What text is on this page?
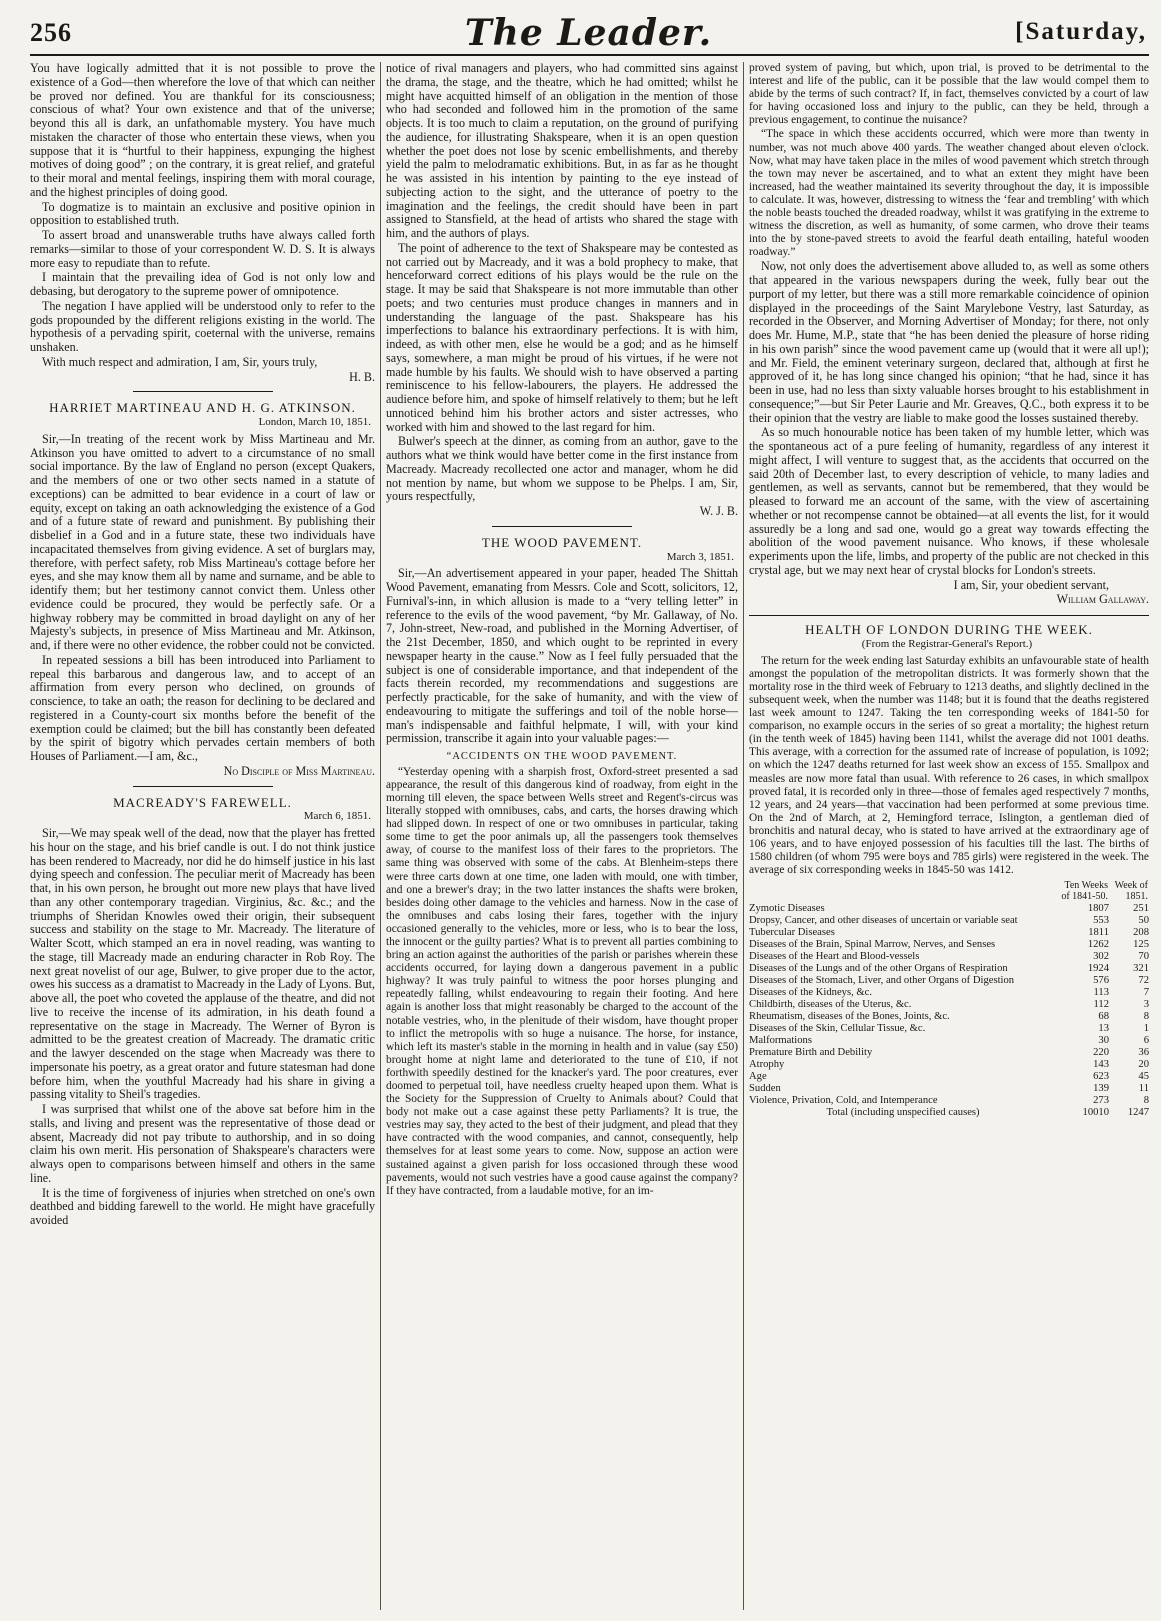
256	The Leader.	[Saturday,

You have logically admitted that it is not possible to prove the existence of a God—then wherefore the love of that which can neither be proved nor defined. You are thankful for its consciousness; conscious of what? Your own existence and that of the universe; beyond this all is dark, an unfathomable mystery. You have much mistaken the character of those who entertain these views, when you suppose that it is “hurtful to their happiness, expunging the highest motives of doing good” ; on the contrary, it is great relief, and grateful to their moral and mental feelings, inspiring them with moral courage, and the highest principles of doing good.

To dogmatize is to maintain an exclusive and positive opinion in opposition to established truth.

To assert broad and unanswerable truths have always called forth remarks—similar to those of your correspondent W. D. S. It is always more easy to repudiate than to refute.

I maintain that the prevailing idea of God is not only low and debasing, but derogatory to the supreme power of omnipotence.

The negation I have applied will be understood only to refer to the gods propounded by the different religions existing in the world. The hypothesis of a pervading spirit, coeternal with the universe, remains unshaken.

With much respect and admiration, I am, Sir, yours truly,

H. B.

HARRIET MARTINEAU AND H. G. ATKINSON.
London, March 10, 1851.

Sir,—In treating of the recent work by Miss Martineau and Mr. Atkinson you have omitted to advert to a circumstance of no small social importance. By the law of England no person (except Quakers, and the members of one or two other sects named in a statute of exceptions) can be admitted to bear evidence in a court of law or equity, except on taking an oath acknowledging the existence of a God and of a future state of reward and punishment. By publishing their disbelief in a God and in a future state, these two individuals have incapacitated themselves from giving evidence. A set of burglars may, therefore, with perfect safety, rob Miss Martineau's cottage before her eyes, and she may know them all by name and surname, and be able to identify them; but her testimony cannot convict them. Unless other evidence could be procured, they would be perfectly safe. Or a highway robbery may be committed in broad daylight on any of her Majesty's subjects, in presence of Miss Martineau and Mr. Atkinson, and, if there were no other evidence, the robber could not be convicted.

In repeated sessions a bill has been introduced into Parliament to repeal this barbarous and dangerous law, and to accept of an affirmation from every person who declined, on grounds of conscience, to take an oath; the reason for declining to be declared and registered in a County-court six months before the benefit of the exemption could be claimed; but the bill has constantly been defeated by the spirit of bigotry which pervades certain members of both Houses of Parliament.—I am, &c.,

No Disciple of Miss Martineau.

MACREADY'S FAREWELL.
March 6, 1851.

Sir,—We may speak well of the dead, now that the player has fretted his hour on the stage, and his brief candle is out. I do not think justice has been rendered to Macready, nor did he do himself justice in his last dying speech and confession. The peculiar merit of Macready has been that, in his own person, he brought out more new plays that have lived than any other contemporary tragedian. Virginius, &c. &c.; and the triumphs of Sheridan Knowles owed their origin, their subsequent success and stability on the stage to Mr. Macready. The literature of Walter Scott, which stamped an era in novel reading, was wanting to the stage, till Macready made an enduring character in Rob Roy. The next great novelist of our age, Bulwer, to give proper due to the actor, owes his success as a dramatist to Macready in the Lady of Lyons. But, above all, the poet who coveted the applause of the theatre, and did not live to receive the incense of its admiration, in his death found a representative on the stage in Macready. The Werner of Byron is admitted to be the greatest creation of Macready. The dramatic critic and the lawyer descended on the stage when Macready was there to impersonate his poetry, as a great orator and future statesman had done before him, when the youthful Macready had his share in giving a passing vitality to Sheil's tragedies.

I was surprised that whilst one of the above sat before him in the stalls, and living and present was the representative of those dead or absent, Macready did not pay tribute to authorship, and in so doing claim his own merit. His personation of Shakspeare's characters were always open to comparisons between himself and others in the same line.

It is the time of forgiveness of injuries when stretched on one's own deathbed and bidding farewell to the world. He might have gracefully avoided

notice of rival managers and players, who had committed sins against the drama, the stage, and the theatre, which he had omitted; whilst he might have acquitted himself of an obligation in the mention of those who had seconded and followed him in the promotion of the same objects. It is too much to claim a reputation, on the ground of purifying the audience, for illustrating Shakspeare, when it is an open question whether the poet does not lose by scenic embellishments, and thereby yield the palm to melodramatic exhibitions. But, in as far as he thought he was assisted in his intention by painting to the eye instead of subjecting action to the sight, and the utterance of poetry to the imagination and the feelings, the credit should have been in part assigned to Stansfield, at the head of artists who shared the stage with him, and the authors of plays.

The point of adherence to the text of Shakspeare may be contested as not carried out by Macready, and it was a bold prophecy to make, that henceforward correct editions of his plays would be the rule on the stage. It may be said that Shakspeare is not more immutable than other poets; and two centuries must produce changes in manners and in understanding the language of the past. Shakspeare has his imperfections to balance his extraordinary perfections. It is with him, indeed, as with other men, else he would be a god; and as he himself says, somewhere, a man might be proud of his virtues, if he were not made humble by his faults. We should wish to have observed a parting reminiscence to his fellow-labourers, the players. He addressed the audience before him, and spoke of himself relatively to them; but he left unnoticed behind him his brother actors and sister actresses, who worked with him and showed to the last regard for him.

Bulwer's speech at the dinner, as coming from an author, gave to the authors what we think would have better come in the first instance from Macready. Macready recollected one actor and manager, whom he did not mention by name, but whom we suppose to be Phelps. I am, Sir, yours respectfully,

W. J. B.

THE WOOD PAVEMENT.
March 3, 1851.

Sir,—An advertisement appeared in your paper, headed The Shittah Wood Pavement, emanating from Messrs. Cole and Scott, solicitors, 12, Furnival's-inn, in which allusion is made to a “very telling letter” in reference to the evils of the wood pavement, “by Mr. Gallaway, of No. 7, John-street, New-road, and published in the Morning Advertiser, of the 21st December, 1850, and which ought to be reprinted in every newspaper hearty in the cause.” Now as I feel fully persuaded that the subject is one of considerable importance, and that independent of the facts therein recorded, my recommendations and suggestions are perfectly practicable, for the sake of humanity, and with the view of endeavouring to mitigate the sufferings and toil of the noble horse—man's indispensable and faithful helpmate, I will, with your kind permission, transcribe it again into your valuable pages:—

“ACCIDENTS ON THE WOOD PAVEMENT.

“Yesterday opening with a sharpish frost, Oxford-street presented a sad appearance, the result of this dangerous kind of roadway, from eight in the morning till eleven, the space between Wells street and Regent's-circus was literally stopped with omnibuses, cabs, and carts, the horses drawing which had slipped down. In respect of one or two omnibuses in particular, taking some time to get the poor animals up, all the passengers took themselves away, of course to the manifest loss of their fares to the proprietors. The same thing was observed with some of the cabs. At Blenheim-steps there were three carts down at one time, one laden with mould, one with timber, and one a brewer's dray; in the two latter instances the shafts were broken, besides doing other damage to the vehicles and harness. Now in the case of the omnibuses and cabs losing their fares, together with the injury occasioned generally to the vehicles, more or less, who is to bear the loss, the innocent or the guilty parties? What is to prevent all parties combining to bring an action against the authorities of the parish or parishes wherein these accidents occurred, for laying down a dangerous pavement in a public highway? It was truly painful to witness the poor horses plunging and repeatedly falling, whilst endeavouring to regain their footing. And here again is another loss that might reasonably be charged to the account of the notable vestries, who, in the plenitude of their wisdom, have thought proper to inflict the metropolis with so huge a nuisance. The horse, for instance, which left its master's stable in the morning in health and in value (say £50) brought home at night lame and deteriorated to the tune of £10, if not forthwith speedily destined for the knacker's yard. The poor creatures, ever doomed to perpetual toil, have needless cruelty heaped upon them. What is the Society for the Suppression of Cruelty to Animals about? Could that body not make out a case against these petty Parliaments? It is true, the vestries may say, they acted to the best of their judgment, and plead that they have contracted with the wood companies, and cannot, consequently, help themselves for at least some years to come. Now, suppose an action were sustained against a given parish for loss occasioned through these wood pavements, would not such vestries have a good cause against the company? If they have contracted, from a laudable motive, for an im-

proved system of paving, but which, upon trial, is proved to be detrimental to the interest and life of the public, can it be possible that the law would compel them to abide by the terms of such contract? If, in fact, themselves convicted by a court of law for having occasioned loss and injury to the public, can they be held, through a previous engagement, to continue the nuisance?

“The space in which these accidents occurred, which were more than twenty in number, was not much above 400 yards. The weather changed about eleven o'clock. Now, what may have taken place in the miles of wood pavement which stretch through the town may never be ascertained, and to what an extent they might have been increased, had the weather maintained its severity throughout the day, it is impossible to calculate. It was, however, distressing to witness the ‘fear and trembling’ with which the noble beasts touched the dreaded roadway, whilst it was gratifying in the extreme to witness the discretion, as well as humanity, of some carmen, who drove their teams into the by stone-paved streets to avoid the fearful death entailing, hateful wooden roadway.”

Now, not only does the advertisement above alluded to, as well as some others that appeared in the various newspapers during the week, fully bear out the purport of my letter, but there was a still more remarkable coincidence of opinion displayed in the proceedings of the Saint Marylebone Vestry, last Saturday, as recorded in the Observer, and Morning Advertiser of Monday; for there, not only does Mr. Hume, M.P., state that “he has been denied the pleasure of horse riding in his own parish” since the wood pavement came up (would that it were all up!); and Mr. Field, the eminent veterinary surgeon, declared that, although at first he approved of it, he has long since changed his opinion; “that he had, since it has been in use, had no less than sixty valuable horses brought to his establishment in consequence;”—but Sir Peter Laurie and Mr. Greaves, Q.C., both express it to be their opinion that the vestry are liable to make good the losses sustained thereby.

As so much honourable notice has been taken of my humble letter, which was the spontaneous act of a pure feeling of humanity, regardless of any interest it might affect, I will venture to suggest that, as the accidents that occurred on the said 20th of December last, to every description of vehicle, to many ladies and gentlemen, as well as servants, cannot but be remembered, that they would be pleased to forward me an account of the same, with the view of ascertaining whether or not recompense cannot be obtained—at all events the list, for it would assuredly be a long and sad one, would go a great way towards effecting the abolition of the wood pavement nuisance. Who knows, if these wholesale experiments upon the life, limbs, and property of the public are not checked in this crystal age, but we may next hear of crystal blocks for London's streets.

I am, Sir, your obedient servant,

William Gallaway.

HEALTH OF LONDON DURING THE WEEK.
(From the Registrar-General's Report.)

The return for the week ending last Saturday exhibits an unfavourable state of health amongst the population of the metropolitan districts. It was formerly shown that the mortality rose in the third week of February to 1213 deaths, and slightly declined in the subsequent week, when the number was 1148; but it is found that the deaths registered last week amount to 1247. Taking the ten corresponding weeks of 1841-50 for comparison, no example occurs in the series of so great a mortality; the highest return (in the tenth week of 1845) having been 1141, whilst the average did not 1001 deaths. This average, with a correction for the assumed rate of increase of population, is 1092; on which the 1247 deaths returned for last week show an excess of 155. Smallpox and measles are now more fatal than usual. With reference to 26 cases, in which smallpox proved fatal, it is recorded only in three—those of females aged respectively 7 months, 12 years, and 24 years—that vaccination had been performed at some previous time. On the 2nd of March, at 2, Hemingford terrace, Islington, a gentleman died of bronchitis and natural decay, who is stated to have arrived at the extraordinary age of 106 years, and to have enjoyed possession of his faculties till the last. The births of 1580 children (of whom 795 were boys and 785 girls) were registered in the week. The average of six corresponding weeks in 1845-50 was 1412.

	Ten Weeks of 1841-50.	Week of 1851.
Zymotic Diseases	1807	251
Dropsy, Cancer, and other diseases of uncertain or variable seat	553	50
Tubercular Diseases	1811	208
Diseases of the Brain, Spinal Marrow, Nerves, and Senses	1262	125
Diseases of the Heart and Blood-vessels	302	70
Diseases of the Lungs and of the other Organs of Respiration	1924	321
Diseases of the Stomach, Liver, and other Organs of Digestion	576	72
Diseases of the Kidneys, &c.	113	7
Childbirth, diseases of the Uterus, &c.	112	3
Rheumatism, diseases of the Bones, Joints, &c.	68	8
Diseases of the Skin, Cellular Tissue, &c.	13	1
Malformations	30	6
Premature Birth and Debility	220	36
Atrophy	143	20
Age	623	45
Sudden	139	11
Violence, Privation, Cold, and Intemperance	273	8
Total (including unspecified causes)	10010	1247
